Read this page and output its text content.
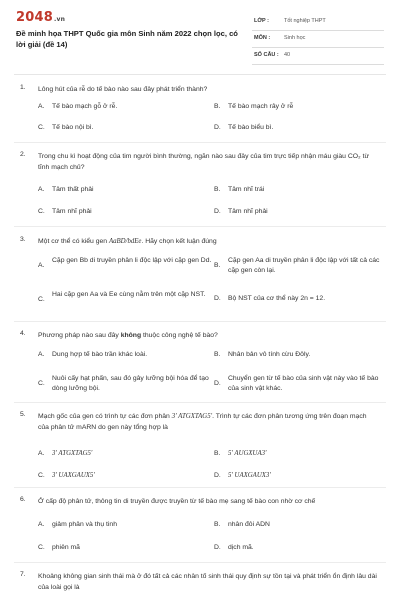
2048.vn
Đề minh họa THPT Quốc gia môn Sinh năm 2022 chọn lọc, có lời giải (đề 14)
LỚP :	Tốt nghiệp THPT
MÔN :	Sinh học
SỐ CÂU : 40
1. Lông hút của rễ do tế bào nào sau đây phát triển thành?
A. Tế bào mạch gỗ ở rễ.	B. Tế bào mạch rây ở rễ
C. Tế bào nội bì.	D. Tế bào biểu bì.
2. Trong chu kì hoạt động của tim người bình thường, ngăn nào sau đây của tim trực tiếp nhận máu giàu CO₂ từ tĩnh mạch chủ?
A. Tâm thất phải	B. Tâm nhĩ trái
C. Tâm nhĩ phải	D. Tâm nhĩ phải
3. Một cơ thể có kiểu gen AaBD/bdEe. Hãy chọn kết luận đúng
A.
Cặp gen Bb di truyền phân li độc lập với cặp gen Dd.
B.
Cặp gen Aa di truyền phân li độc lập với tất cả các cặp gen còn lại.
C.
Hai cặp gen Aa và Ee cùng nằm trên một cặp NST.
D. Bộ NST của cơ thể này 2n = 12.
4. Phương pháp nào sau đây không thuộc công nghệ tế bào?
A. Dung hợp tế bào trần khác loài.	B. Nhân bản vô tính cừu Đôly.
C.
Nuôi cấy hạt phấn, sau đó gây lưỡng bội hóa để tạo dòng lưỡng bội.
D.
Chuyển gen từ tế bào của sinh vật này vào tế bào của sinh vật khác.
5. Mạch gốc của gen có trình tự các đơn phân 3' ATGXTAG5'. Trình tự các đơn phân tương ứng trên đoạn mạch của phân tử mARN do gen này tổng hợp là
A. 3' ATGXTAG5'	B. 5' AUGXUA3'
C. 3' UAXGAUX5'	D. 5' UAXGAUX3'
6. Ở cấp độ phân tử, thông tin di truyền được truyền từ tế bào mẹ sang tế bào con nhờ cơ chế
A. giảm phân và thụ tinh	B. nhân đôi ADN
C. phiên mã	D. dịch mã.
7. Khoảng không gian sinh thái mà ở đó tất cả các nhân tố sinh thái quy định sự tồn tại và phát triển ổn định lâu dài của loài gọi là
